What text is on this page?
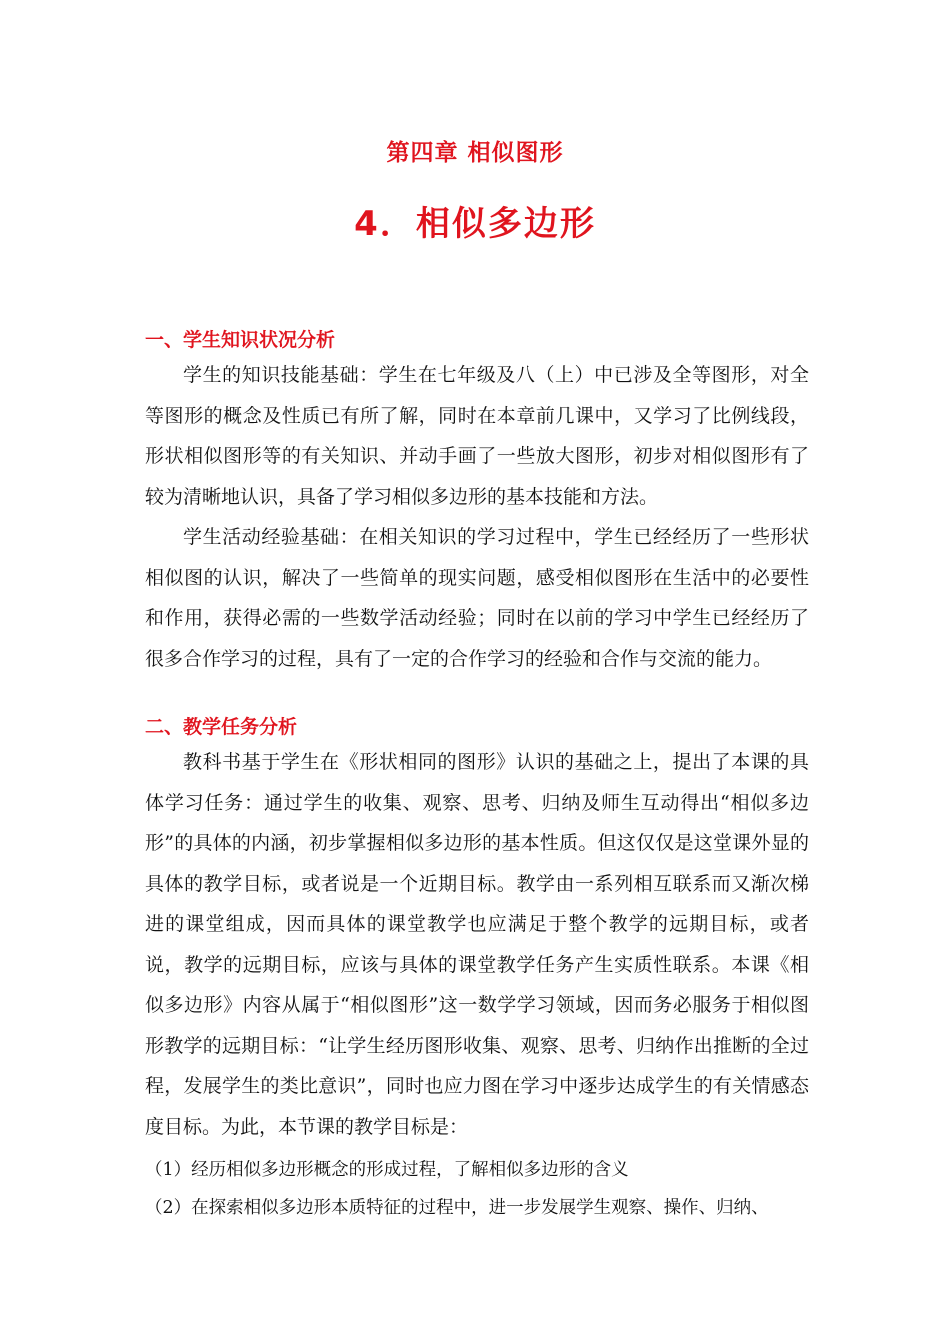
第四章 相似图形
4．相似多边形
一、学生知识状况分析

学生的知识技能基础：学生在七年级及八（上）中已涉及全等图形，对全等图形的概念及性质已有所了解，同时在本章前几课中，又学习了比例线段，形状相似图形等的有关知识、并动手画了一些放大图形，初步对相似图形有了较为清晰地认识，具备了学习相似多边形的基本技能和方法。

学生活动经验基础：在相关知识的学习过程中，学生已经经历了一些形状相似图的认识，解决了一些简单的现实问题，感受相似图形在生活中的必要性和作用，获得必需的一些数学活动经验；同时在以前的学习中学生已经经历了很多合作学习的过程，具有了一定的合作学习的经验和合作与交流的能力。

二、教学任务分析

教科书基于学生在《形状相同的图形》认识的基础之上，提出了本课的具体学习任务：通过学生的收集、观察、思考、归纳及师生互动得出“相似多边形”的具体的内涵，初步掌握相似多边形的基本性质。但这仅仅是这堂课外显的具体的教学目标，或者说是一个近期目标。教学由一系列相互联系而又渐次梯进的课堂组成，因而具体的课堂教学也应满足于整个教学的远期目标，或者说，教学的远期目标，应该与具体的课堂教学任务产生实质性联系。本课《相似多边形》内容从属于“相似图形”这一数学学习领域，因而务必服务于相似图形教学的远期目标：“让学生经历图形收集、观察、思考、归纳作出推断的全过程，发展学生的类比意识”，同时也应力图在学习中逐步达成学生的有关情感态度目标。为此，本节课的教学目标是：

（1）经历相似多边形概念的形成过程，了解相似多边形的含义

（2）在探索相似多边形本质特征的过程中，进一步发展学生观察、操作、归纳、
